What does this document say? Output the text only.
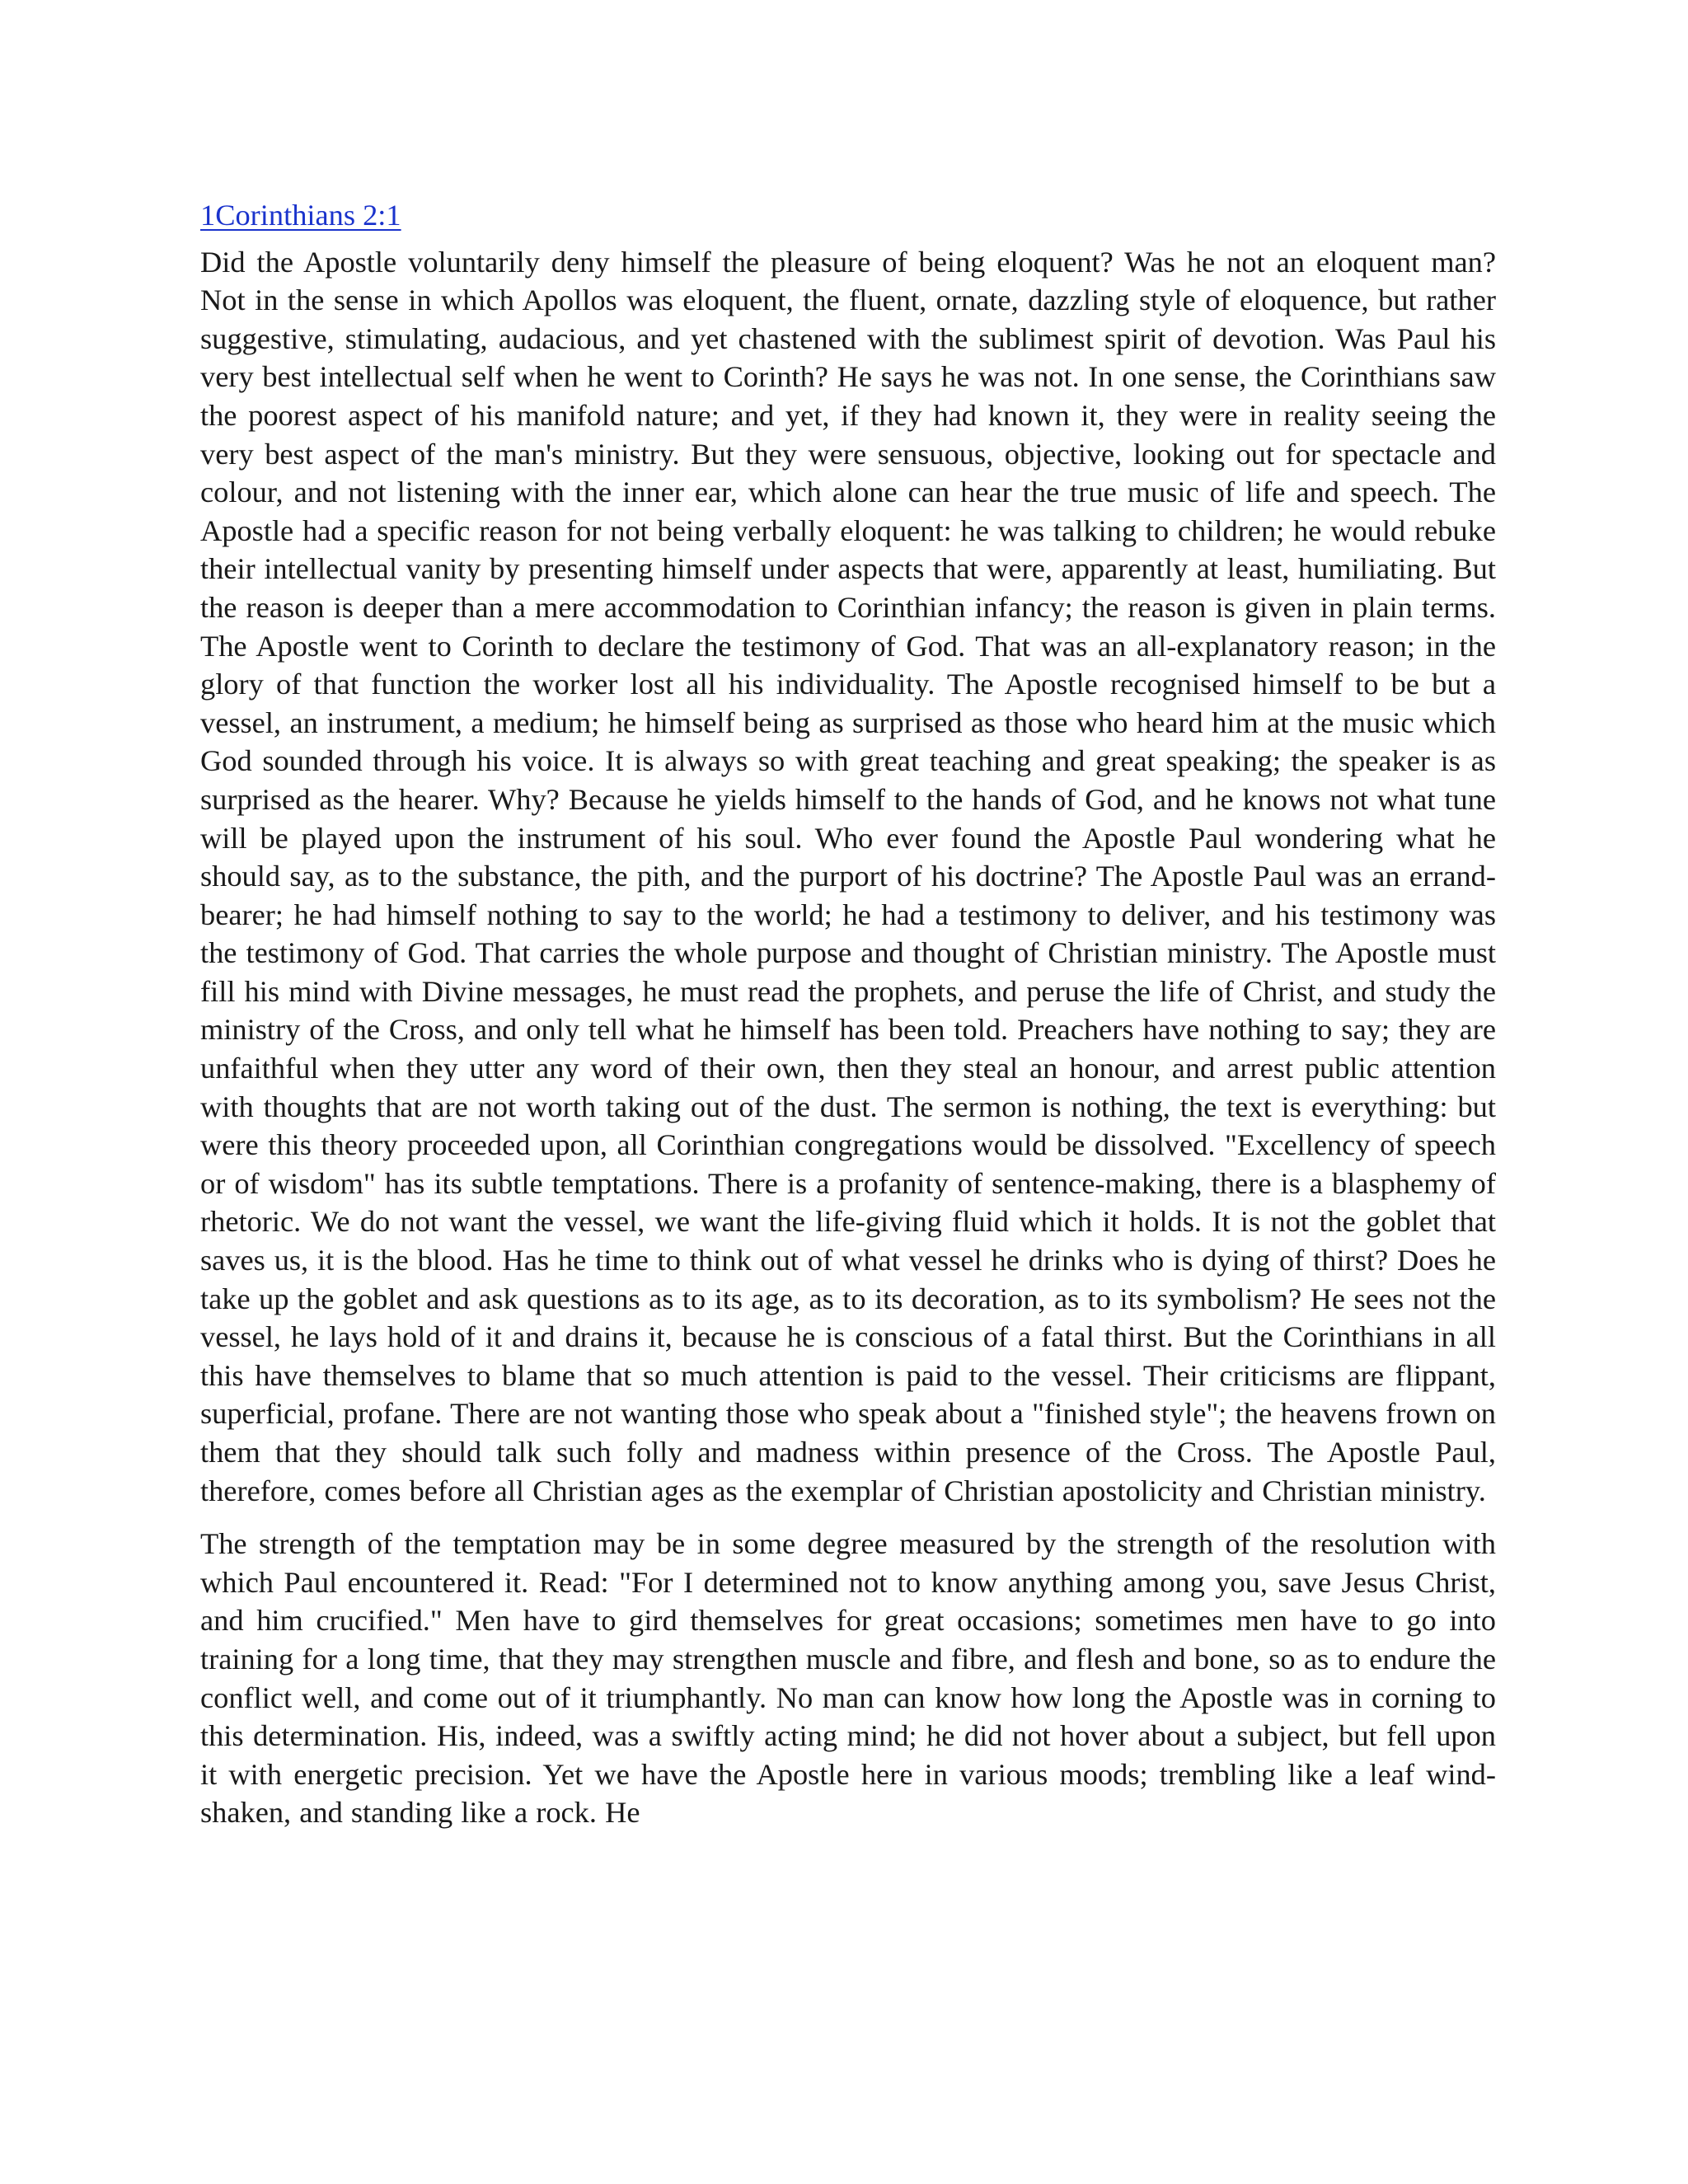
1Corinthians 2:1

Did the Apostle voluntarily deny himself the pleasure of being eloquent? Was he not an eloquent man? Not in the sense in which Apollos was eloquent, the fluent, ornate, dazzling style of eloquence, but rather suggestive, stimulating, audacious, and yet chastened with the sublimest spirit of devotion. Was Paul his very best intellectual self when he went to Corinth? He says he was not. In one sense, the Corinthians saw the poorest aspect of his manifold nature; and yet, if they had known it, they were in reality seeing the very best aspect of the man's ministry. But they were sensuous, objective, looking out for spectacle and colour, and not listening with the inner ear, which alone can hear the true music of life and speech. The Apostle had a specific reason for not being verbally eloquent: he was talking to children; he would rebuke their intellectual vanity by presenting himself under aspects that were, apparently at least, humiliating. But the reason is deeper than a mere accommodation to Corinthian infancy; the reason is given in plain terms. The Apostle went to Corinth to declare the testimony of God. That was an all-explanatory reason; in the glory of that function the worker lost all his individuality. The Apostle recognised himself to be but a vessel, an instrument, a medium; he himself being as surprised as those who heard him at the music which God sounded through his voice. It is always so with great teaching and great speaking; the speaker is as surprised as the hearer. Why? Because he yields himself to the hands of God, and he knows not what tune will be played upon the instrument of his soul. Who ever found the Apostle Paul wondering what he should say, as to the substance, the pith, and the purport of his doctrine? The Apostle Paul was an errand-bearer; he had himself nothing to say to the world; he had a testimony to deliver, and his testimony was the testimony of God. That carries the whole purpose and thought of Christian ministry. The Apostle must fill his mind with Divine messages, he must read the prophets, and peruse the life of Christ, and study the ministry of the Cross, and only tell what he himself has been told. Preachers have nothing to say; they are unfaithful when they utter any word of their own, then they steal an honour, and arrest public attention with thoughts that are not worth taking out of the dust. The sermon is nothing, the text is everything: but were this theory proceeded upon, all Corinthian congregations would be dissolved. "Excellency of speech or of wisdom" has its subtle temptations. There is a profanity of sentence-making, there is a blasphemy of rhetoric. We do not want the vessel, we want the life-giving fluid which it holds. It is not the goblet that saves us, it is the blood. Has he time to think out of what vessel he drinks who is dying of thirst? Does he take up the goblet and ask questions as to its age, as to its decoration, as to its symbolism? He sees not the vessel, he lays hold of it and drains it, because he is conscious of a fatal thirst. But the Corinthians in all this have themselves to blame that so much attention is paid to the vessel. Their criticisms are flippant, superficial, profane. There are not wanting those who speak about a "finished style"; the heavens frown on them that they should talk such folly and madness within presence of the Cross. The Apostle Paul, therefore, comes before all Christian ages as the exemplar of Christian apostolicity and Christian ministry.

The strength of the temptation may be in some degree measured by the strength of the resolution with which Paul encountered it. Read: "For I determined not to know anything among you, save Jesus Christ, and him crucified." Men have to gird themselves for great occasions; sometimes men have to go into training for a long time, that they may strengthen muscle and fibre, and flesh and bone, so as to endure the conflict well, and come out of it triumphantly. No man can know how long the Apostle was in corning to this determination. His, indeed, was a swiftly acting mind; he did not hover about a subject, but fell upon it with energetic precision. Yet we have the Apostle here in various moods; trembling like a leaf wind-shaken, and standing like a rock. He
